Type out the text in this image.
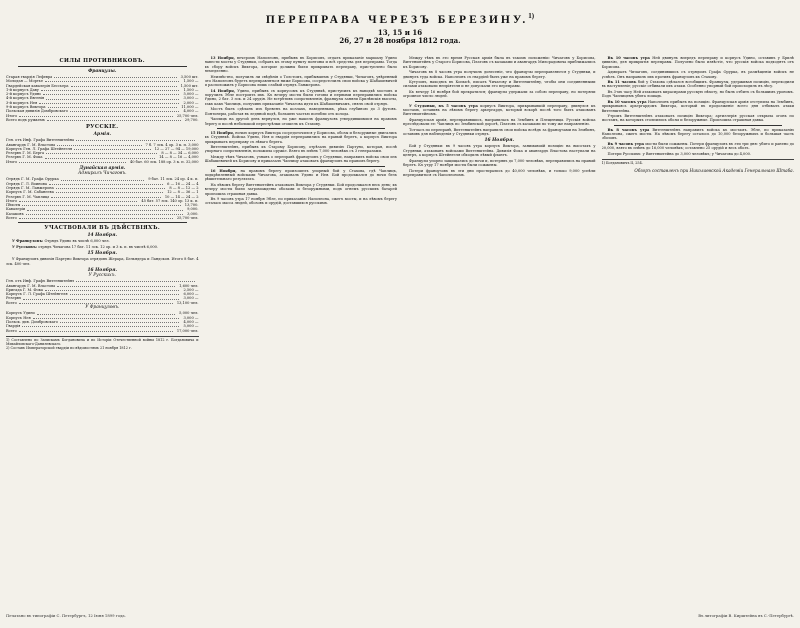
ПЕРЕПРАВА ЧЕРЕЗЪ БЕРЕЗИНУ.$^{1)}$
13, 15 и 16
26, 27 и 28 ноября 1812 года.
СИЛЫ ПРОТИВНИКОВЪ.
Французы.
Старая гвардія Лефевра	3,500 шт.
Молодая — Мортье	1,500 —
Гвардейская кавалерія Бессьера	1,500 шт.
1-й корпусъ Даву	1,500 —
2-й корпусъ Удино	5,000 —
4-й корпусъ Евгенія	3,000 —
3-й корпусъ Нея	2,000 —
9-й корпусъ Виктора	11,000 —
Польская дивизія Домбровскаго	4,000 —
Итого	25,700 чел.
Всего подъ ружьемъ	29,700.
РУССКІЕ.
Армія.
Ген. отъ Инф. Графа Витгенштейна
Авангардъ Г. М. Властова	7 б. 7 эск. 4 ор. 3 к. п. 3,000
Корпусъ Ген. Л. Графа Штейнгеля	12 — 27 — 94 — 19,000
Резервъ Г. М. Берга	8 — 8 — 34 — 6,000
Резервъ Г. М. Фока	14 — 8 — 16 — 4,000
Итого	40 бат. 60 эск. 188 ор. 3 к. п. 32,000
Дунайская армія.
Адмиралъ Чичаговъ.
Отрядъ Г. М. Графа Орурка	9 бат. 11 эск. 24 ор. 4 к. п.
Отрядъ Г. Л. Воинова	6 — 16 — 24 — 4
Отрядъ Г. М. Ланжерона	8 — 8 — 12 — 2
Корпусъ Г. М. Сабанеева	12 — 8 — 36 — 1
Резервъ Г. М. Чаплица	10 — 14 — 24 — 2
Итого	45 бат. 57 эск. 140 ор. 13 к. п.
Пѣхоты	13,700.
Кавалеріи	9,000.
Казаковъ	3,000.
Всего	25,700 чел.
УЧАСТВОВАЛИ ВЪ ДѢЙСТВІЯХЪ.
14 Ноября.

У Французовъ: Отрядъ Удино въ числѣ 6,000 чел.

У Русскихъ: отрядъ Чичагова 17 бат. 11 эск. 12 ор. и 3 к. п. въ числѣ 6,000.

15 Ноября.

У Французовъ дивизія Партуно Виктора отрядовъ Жерара, Бельядера и Ландскоя. Итого 8 бат. 4 эск. 400 чел.

16 Ноября.
У Русскихъ.
Ген. отъ Инф. Графъ Витгенштейнъ
Авангардъ Г. М. Властова	1,600 чел.
Бригада Г. М. Фока	2,500 —
Корпусъ Г. Л. Графа Штейнгеля	6,000 —
Резервъ	3,000 —
Всего	13,100 чел.
У Французовъ.
Корпусъ Удино	5,000 чел.
Корпусъ Нея	3,000 —
Польск. див. Домбровскаго	4,000 —
Гвардія	5,000 —
Всего	17,000 чел.
1) Составлено по Запискамъ Богдановича и по Исторіи Отечественной войны 1812 г. Богдановича и Михайловскаго-Данилевскаго.
2) Составъ Императорской гвардіи по вѣдомостямъ 21 ноября 1812 г.

13 Ноября, вечеромъ Наполеонъ, прибывъ въ Борисовъ, отдалъ приказаніе маршалу Удино навести мосты у Студянки, собравъ къ этому пункту понтоны и всѣ средства для переправы. Тогда къ сбору войскъ Виктора, которые должны были прикрывать переправу, приступлено было немедленно.

Неизвѣстно, получилъ ли свѣдѣнія о Толстомъ, прибывшемъ у Студянки, Чичаговъ, увѣренный что Наполеонъ будетъ переправляться ниже Борисова, сосредоточилъ свои войска у Шабашевичей и расположилъ у Борисова лишь слабый отрядъ Ланжерона.

14 Ноября, Удино, прибывъ съ корпусомъ къ Студянкѣ, приступилъ къ наводкѣ мостовъ и поручилъ Эбле построить ихъ. Къ вечеру мосты были готовы и первыми переправились войска Удино, 2 бат. 3 эск. и 24 орудія. Не встрѣтивъ сопротивленія, французы заняли Брилѣвскія высоты, такъ какъ Чаплицъ, получивъ приказаніе Чичагова идти къ Шабашевичамъ, снялъ свой отрядъ.

Мостъ былъ сдѣланъ изъ бревенъ на козлахъ, наведенныхъ, рѣка глубиною до 3 футовъ. Понтонеры, работая въ ледяной водѣ, большею частью погибли отъ холода.

Чаплицъ на другой день вернулся, но уже нашелъ французовъ утвердившимися на правомъ берегу и послѣ небольшой перестрѣлки отошелъ къ Стахову.

15 Ноября, ночью корпусъ Виктора сосредоточился у Борисова, обозы и безоружные двигались къ Студянкѣ. Войска Удино, Нея и гвардія переправились на правый берегъ, а корпусъ Виктора прикрывалъ переправу съ лѣваго берега.

Витгенштейнъ, прибывъ къ Старому Борисову, отрѣзалъ дивизію Партуно, которая, послѣ упорнаго сопротивленія, положила оружіе. Взято въ плѣнъ 7,000 человѣкъ съ 3 генералами.

Между тѣмъ Чичаговъ, узнавъ о переправѣ французовъ у Студянки, направилъ войска свои изъ Шабашевичей къ Борисову и приказалъ Чаплицу атаковать французовъ на правомъ берегу.

16 Ноября, на правомъ берегу произошелъ упорный бой у Стахова, гдѣ Чаплицъ, подкрѣпленный войсками Чичагова, атаковалъ Удино и Нея. Бой продолжался до ночи безъ рѣшительнаго результата.

На лѣвомъ берегу Витгенштейнъ атаковалъ Виктора у Студянки. Бой продолжался весь день; къ вечеру мосты были загромождены обозами и безоружными, подъ огнемъ русскихъ батарей произошла страшная давка.

Въ 9 часовъ утра 17 ноября Эбле, по приказанію Наполеона, сжегъ мосты, и на лѣвомъ берегу осталась масса людей, обозовъ и орудій, доставшихся русскимъ.

Между тѣмъ въ это время Русская армія была въ такомъ положеніи: Чичаговъ у Борисова, Витгенштейнъ у Старого Борисова, Платовъ съ казаками и авангардъ Милорадовича приближались къ Борисову.

Чичаговъ въ 8 часовъ утра получилъ донесеніе, что французы переправляются у Студянки, и двинулъ туда войска. Наполеонъ съ гвардіей былъ уже на правомъ берегу.

Кутузовъ, находясь въ Копысѣ, писалъ Чичагову и Витгенштейну, чтобы они соединенными силами атаковали непріятеля и не допускали его переправы.

Къ вечеру 16 ноября бой прекратился; французы удержали за собою переправу, но потеряли огромное число людей.

У Студянки, въ 5 часовъ утра корпусъ Виктора, прикрывавшій переправу, двинулся къ мостамъ, оставивъ на лѣвомъ берегу арьергардъ, который вскорѣ послѣ того былъ атакованъ Витгенштейномъ.

Французская армія, переправившись, направилась на Зембинъ и Плещеницы. Русскія войска преслѣдовали ее: Чаплицъ по Зембинской дорогѣ, Платовъ съ казаками по тому же направленію.

Тотчасъ по переправѣ, Витгенштейнъ направилъ свои войска вслѣдъ за французами на Зембинъ, оставивъ для наблюденія у Студянки отрядъ.

16 Ноября.

Бой у Студянки: въ 9 часовъ утра корпусъ Виктора, занимавшій позицію на высотахъ у Студянки, атакованъ войсками Витгенштейна. Дивизія Фока и авангардъ Властова наступали на центръ, а корпусъ Штейнгеля обходилъ лѣвый флангъ.

Французы упорно защищались до ночи и, потерявъ до 7,000 человѣкъ, переправились на правый берегъ. Къ утру 17 ноября мосты были сожжены.

Потери французовъ въ эти дни простирались до 40,000 человѣкъ, и только 9,000 успѣли переправиться съ Наполеономъ.

Въ 10 часовъ утра Ней двинулъ впередъ переправу и корпусъ Удино, оставивъ у Брилѣ дивизію, для прикрытія переправы. Получено было извѣстіе, что русскія войска подходятъ отъ Борисова.

Адмиралъ Чичаговъ, соединившись съ отрядомъ Графа Орурка, въ размѣщеніи войскъ не успѣлъ. Онъ направилъ ихъ противъ французовъ къ Стахову.

Въ 11 часовъ бой у Стахова сдѣлался всеобщимъ. Французы, удерживая позицію, переходили въ наступленіе; русскіе отбивали ихъ атаки. Особенно упорный бой происходилъ въ лѣсу.

Въ 3-мъ часу Ней атаковалъ кирасирами русскую пѣхоту, но былъ отбитъ съ большимъ урономъ. Подъ Чаплицемъ убита лошадь.

Въ 10 часовъ утра Наполеонъ прибылъ на позицію. Французская армія отступила на Зембинъ, прикрываясь арьергардомъ Виктора, который въ продолженіе всего дня отбивалъ атаки Витгенштейна.

Утромъ Витгенштейнъ атаковалъ позицію Виктора; артиллерія русская открыла огонь по мостамъ, на которыхъ столпились обозы и безоружные. Произошла страшная давка.

Въ 8 часовъ утра Витгенштейнъ направилъ войска къ мостамъ. Эбле, по приказанію Наполеона, сжегъ мосты. На лѣвомъ берегу осталось до 10,000 безоружныхъ и большая часть обозовъ.

Въ 9 часовъ утра мосты были сожжены. Потери французовъ въ эти три дня: убито и ранено до 20,000, взято въ плѣнъ до 16,000 человѣкъ; оставлено 25 орудій и весь обозъ.

Потери Русскихъ: у Витгенштейна до 3,000 человѣкъ; у Чичагова до 4,000.

1) Богдановичъ II, 254.
Обзоръ составленъ при Николаевской Академіи Генеральнаго Штаба.
Печатано въ типографіи С. Петербургъ, 12 Іюня 1899 года.	Въ литографіи В. Кирштейна въ С.-Петербургѣ.
